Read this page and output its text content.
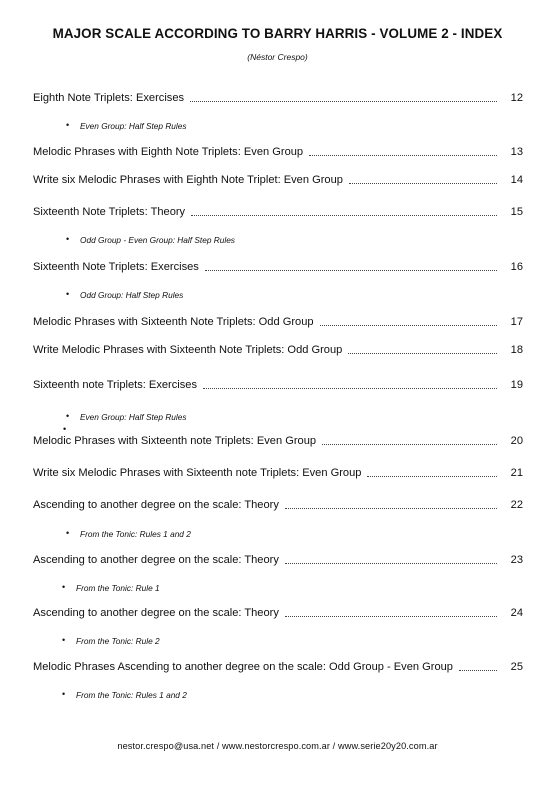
MAJOR SCALE ACCORDING TO BARRY HARRIS - VOLUME 2 - INDEX
(Néstor Crespo)
Eighth Note Triplets: Exercises	12
• Even Group: Half Step Rules
Melodic Phrases with Eighth Note Triplets: Even Group	13
Write six Melodic Phrases with Eighth Note Triplet: Even Group	14
Sixteenth Note Triplets: Theory	15
• Odd Group - Even Group: Half Step Rules
Sixteenth Note Triplets: Exercises	16
• Odd Group: Half Step Rules
Melodic Phrases with Sixteenth Note Triplets: Odd Group	17
Write Melodic Phrases with Sixteenth Note Triplets: Odd Group	18
Sixteenth note Triplets: Exercises	19
• Even Group: Half Step Rules
•
Melodic Phrases with Sixteenth note Triplets: Even Group	20
Write six Melodic Phrases with Sixteenth note Triplets: Even Group	21
Ascending to another degree on the scale: Theory	22
• From the Tonic: Rules 1 and 2
Ascending to another degree on the scale: Theory	23
• From the Tonic: Rule 1
Ascending to another degree on the scale: Theory	24
• From the Tonic: Rule 2
Melodic Phrases Ascending to another degree on the scale: Odd Group - Even Group	25
• From the Tonic: Rules 1 and 2
nestor.crespo@usa.net / www.nestorcrespo.com.ar / www.serie20y20.com.ar
